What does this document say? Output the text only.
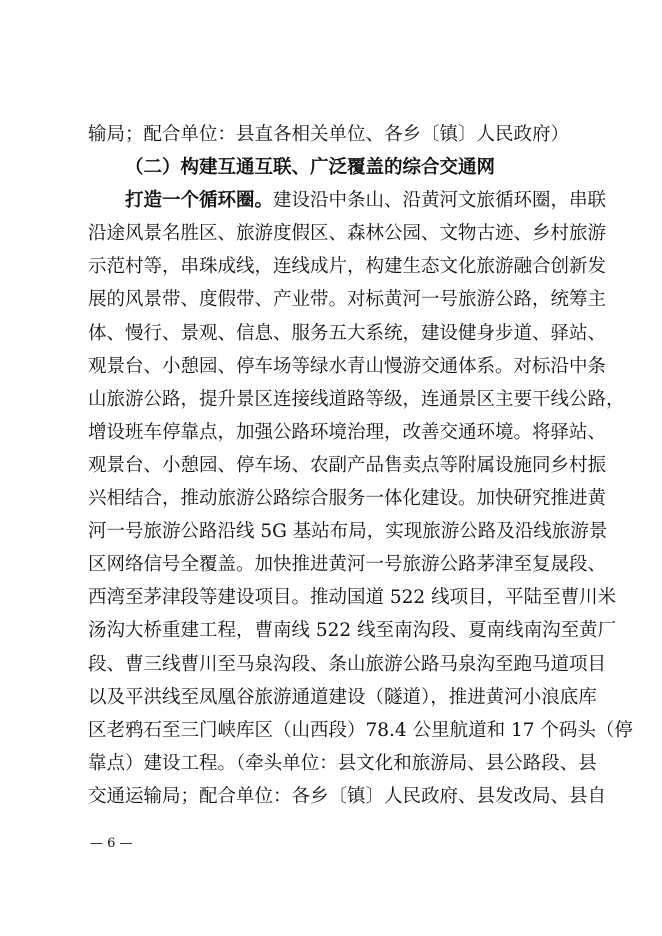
输局；配合单位：县直各相关单位、各乡〔镇〕人民政府）
（二）构建互通互联、广泛覆盖的综合交通网
打造一个循环圈。建设沿中条山、沿黄河文旅循环圈，串联
沿途风景名胜区、旅游度假区、森林公园、文物古迹、乡村旅游
示范村等，串珠成线，连线成片，构建生态文化旅游融合创新发
展的风景带、度假带、产业带。对标黄河一号旅游公路，统筹主
体、慢行、景观、信息、服务五大系统，建设健身步道、驿站、
观景台、小憩园、停车场等绿水青山慢游交通体系。对标沿中条
山旅游公路，提升景区连接线道路等级，连通景区主要干线公路，
增设班车停靠点，加强公路环境治理，改善交通环境。将驿站、
观景台、小憩园、停车场、农副产品售卖点等附属设施同乡村振
兴相结合，推动旅游公路综合服务一体化建设。加快研究推进黄
河一号旅游公路沿线 5G 基站布局，实现旅游公路及沿线旅游景
区网络信号全覆盖。加快推进黄河一号旅游公路茅津至复晟段、
西湾至茅津段等建设项目。推动国道 522 线项目，平陆至曹川米
汤沟大桥重建工程，曹南线 522 线至南沟段、夏南线南沟至黄厂
段、曹三线曹川至马泉沟段、条山旅游公路马泉沟至跑马道项目
以及平洪线至凤凰谷旅游通道建设（隧道），推进黄河小浪底库
区老鸦石至三门峡库区（山西段）78.4 公里航道和 17 个码头（停
靠点）建设工程。（牵头单位：县文化和旅游局、县公路段、县
交通运输局；配合单位：各乡〔镇〕人民政府、县发改局、县自
— 6 —
